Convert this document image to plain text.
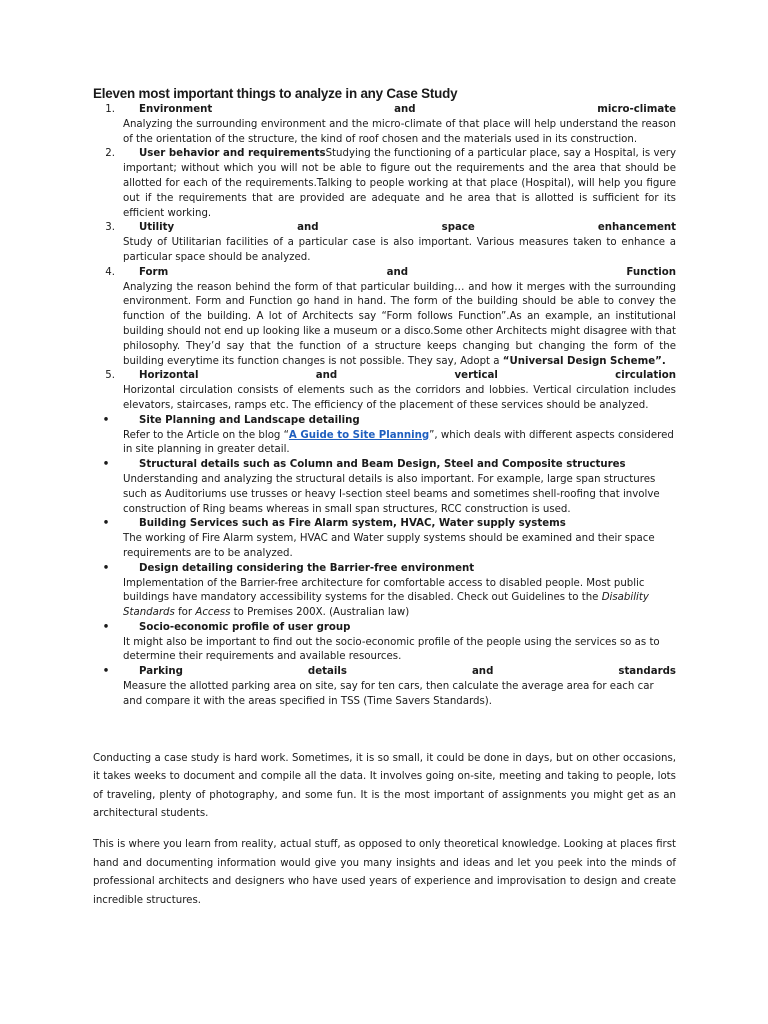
Eleven most important things to analyze in any Case Study
1. Environment	and	micro-climate
Analyzing the surrounding environment and the micro-climate of that place will help understand the reason of the orientation of the structure, the kind of roof chosen and the materials used in its construction.
2.	User behavior and requirementsStudying the functioning of a particular place, say a Hospital, is very important; without which you will not be able to figure out the requirements and the area that should be allotted for each of the requirements.Talking to people working at that place (Hospital), will help you figure out if the requirements that are provided are adequate and he area that is allotted is sufficient for its efficient working.
3. Utility	and	space	enhancement
Study of Utilitarian facilities of a particular case is also important. Various measures taken to enhance a particular space should be analyzed.
4. Form	and	Function
Analyzing the reason behind the form of that particular building… and how it merges with the surrounding environment. Form and Function go hand in hand. The form of the building should be able to convey the function of the building. A lot of Architects say “Form follows Function”.As an example, an institutional building should not end up looking like a museum or a disco.Some other Architects might disagree with that philosophy. They’d say that the function of a structure keeps changing but changing the form of the building everytime its function changes is not possible. They say, Adopt a “Universal Design Scheme”.
5. Horizontal	and	vertical	circulation
Horizontal circulation consists of elements such as the corridors and lobbies. Vertical circulation includes elevators, staircases, ramps etc. The efficiency of the placement of these services should be analyzed.
•	Site Planning and Landscape detailing
Refer to the Article on the blog “A Guide to Site Planning”, which deals with different aspects considered in site planning in greater detail.
•	Structural details such as Column and Beam Design, Steel and Composite structures
Understanding and analyzing the structural details is also important. For example, large span structures such as Auditoriums use trusses or heavy I-section steel beams and sometimes shell-roofing that involve construction of Ring beams whereas in small span structures, RCC construction is used.
•	Building Services such as Fire Alarm system, HVAC, Water supply systems
The working of Fire Alarm system, HVAC and Water supply systems should be examined and their space requirements are to be analyzed.
•	Design detailing considering the Barrier-free environment
Implementation of the Barrier-free architecture for comfortable access to disabled people. Most public buildings have mandatory accessibility systems for the disabled. Check out Guidelines to the Disability Standards for Access to Premises 200X. (Australian law)
•	Socio-economic profile of user group
It might also be important to find out the socio-economic profile of the people using the services so as to determine their requirements and available resources.
•	Parking	details	and	standards
Measure the allotted parking area on site, say for ten cars, then calculate the average area for each car and compare it with the areas specified in TSS (Time Savers Standards).

Conducting a case study is hard work. Sometimes, it is so small, it could be done in days, but on other occasions, it takes weeks to document and compile all the data. It involves going on-site, meeting and taking to people, lots of traveling, plenty of photography, and some fun. It is the most important of assignments you might get as an architectural students.

This is where you learn from reality, actual stuff, as opposed to only theoretical knowledge. Looking at places first hand and documenting information would give you many insights and ideas and let you peek into the minds of professional architects and designers who have used years of experience and improvisation to design and create incredible structures.
